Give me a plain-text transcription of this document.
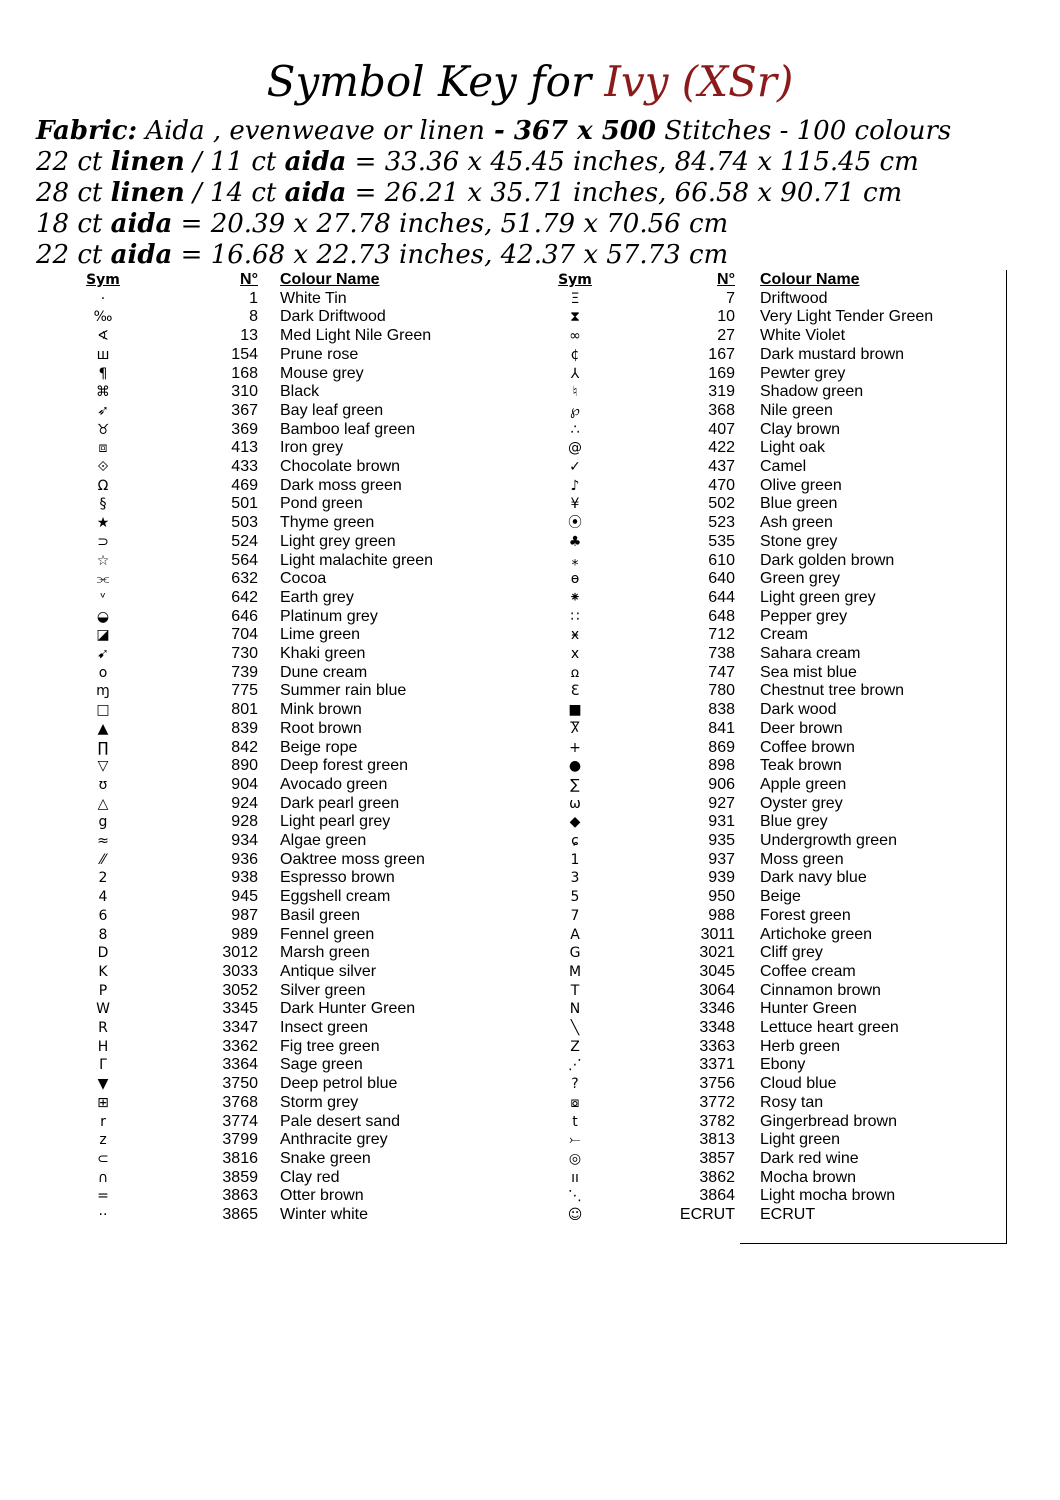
Symbol Key for Ivy (XSr)
Fabric: Aida , evenweave or linen - 367 x 500 Stitches - 100 colours
22 ct linen / 11 ct aida = 33.36 x 45.45 inches, 84.74 x 115.45 cm
28 ct linen / 14 ct aida = 26.21 x 35.71 inches, 66.58 x 90.71 cm
18 ct aida = 20.39 x 27.78 inches, 51.79 x 70.56 cm
22 ct aida = 16.68 x 22.73 inches, 42.37 x 57.73 cm
Sym	N° Colour Name
·	1 White Tin
‰	8 Dark Driftwood
∢	13 Med Light Nile Green
ш	154 Prune rose
¶	168 Mouse grey
⌘	310 Black
➶	367 Bay leaf green
♉	369 Bamboo leaf green
⧈	413 Iron grey
⟐	433 Chocolate brown
Ω	469 Dark moss green
§	501 Pond green
★	503 Thyme green
⊃	524 Light grey green
☆	564 Light malachite green
⫘	632 Cocoa
ᵛ	642 Earth grey
◒	646 Platinum grey
◪	704 Lime green
➹	730 Khaki green
o	739 Dune cream
ɱ	775 Summer rain blue
□	801 Mink brown
▲	839 Root brown
∏	842 Beige rope
▽	890 Deep forest green
ʊ	904 Avocado green
△	924 Dark pearl green
g	928 Light pearl grey
≈	934 Algae green
⁄⁄	936 Oaktree moss green
2	938 Espresso brown
4	945 Eggshell cream
6	987 Basil green
8	989 Fennel green
D	3012 Marsh green
K	3033 Antique silver
P	3052 Silver green
W	3345 Dark Hunter Green
R	3347 Insect green
H	3362 Fig tree green
Γ	3364 Sage green
▼	3750 Deep petrol blue
⊞	3768 Storm grey
r	3774 Pale desert sand
z	3799 Anthracite grey
⊂	3816 Snake green
∩	3859 Clay red
=	3863 Otter brown
··	3865 Winter white
Sym	N° Colour Name
Ξ	7 Driftwood
⧗	10 Very Light Tender Green
∞	27 White Violet
¢	167 Dark mustard brown
⅄	169 Pewter grey
♮	319 Shadow green
℘	368 Nile green
∴	407 Clay brown
@	422 Light oak
✓	437 Camel
♪	470 Olive green
¥	502 Blue green
⦿	523 Ash green
♣	535 Stone grey
⁎	610 Dark golden brown
ɵ	640 Green grey
⁕	644 Light green grey
∷	648 Pepper grey
ӿ	712 Cream
x	738 Sahara cream
ꭥ	747 Sea mist blue
Ɛ	780 Chestnut tree brown
■	838 Dark wood
Ⴟ	841 Deer brown
+	869 Coffee brown
●	898 Teak brown
∑	906 Apple green
ω	927 Oyster grey
◆	931 Blue grey
ɕ	935 Undergrowth green
1	937 Moss green
3	939 Dark navy blue
5	950 Beige
7	988 Forest green
A	3011 Artichoke green
G	3021 Cliff grey
M	3045 Coffee cream
T	3064 Cinnamon brown
N	3346 Hunter Green
╲	3348 Lettuce heart green
Z	3363 Herb green
⋰	3371 Ebony
?	3756 Cloud blue
⧇	3772 Rosy tan
t	3782 Gingerbread brown
⤚	3813 Light green
◎	3857 Dark red wine
ıı	3862 Mocha brown
⋱	3864 Light mocha brown
☺	ECRUT ECRUT
